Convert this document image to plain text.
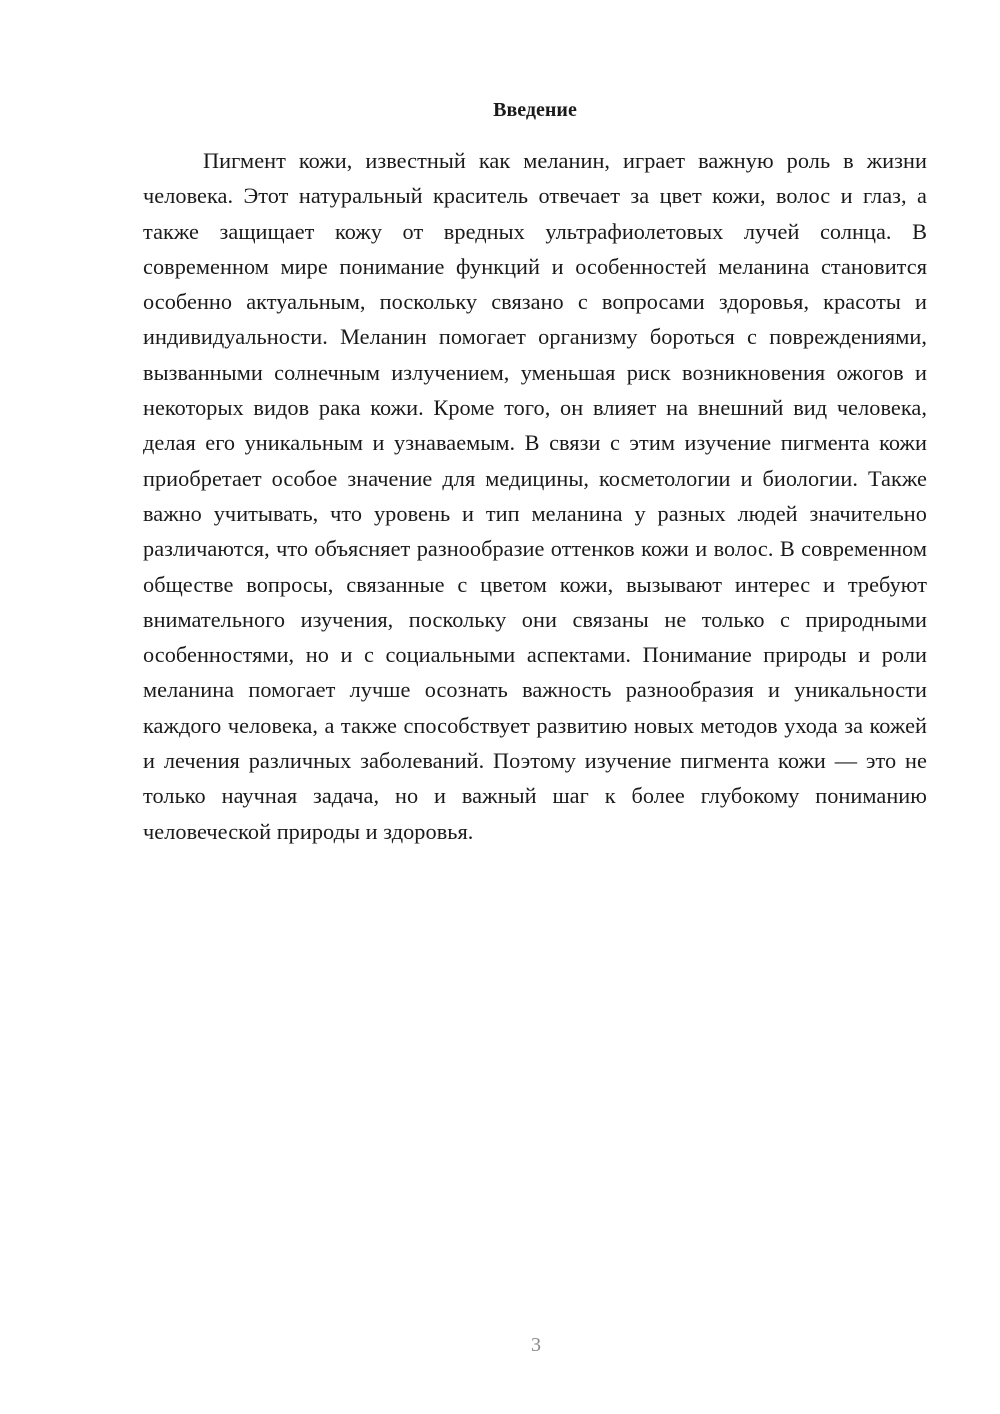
Введение

Пигмент кожи, известный как меланин, играет важную роль в жизни человека. Этот натуральный краситель отвечает за цвет кожи, волос и глаз, а также защищает кожу от вредных ультрафиолетовых лучей солнца. В современном мире понимание функций и особенностей меланина становится особенно актуальным, поскольку связано с вопросами здоровья, красоты и индивидуальности. Меланин помогает организму бороться с повреждениями, вызванными солнечным излучением, уменьшая риск возникновения ожогов и некоторых видов рака кожи. Кроме того, он влияет на внешний вид человека, делая его уникальным и узнаваемым. В связи с этим изучение пигмента кожи приобретает особое значение для медицины, косметологии и биологии. Также важно учитывать, что уровень и тип меланина у разных людей значительно различаются, что объясняет разнообразие оттенков кожи и волос. В современном обществе вопросы, связанные с цветом кожи, вызывают интерес и требуют внимательного изучения, поскольку они связаны не только с природными особенностями, но и с социальными аспектами. Понимание природы и роли меланина помогает лучше осознать важность разнообразия и уникальности каждого человека, а также способствует развитию новых методов ухода за кожей и лечения различных заболеваний. Поэтому изучение пигмента кожи — это не только научная задача, но и важный шаг к более глубокому пониманию человеческой природы и здоровья.

3
